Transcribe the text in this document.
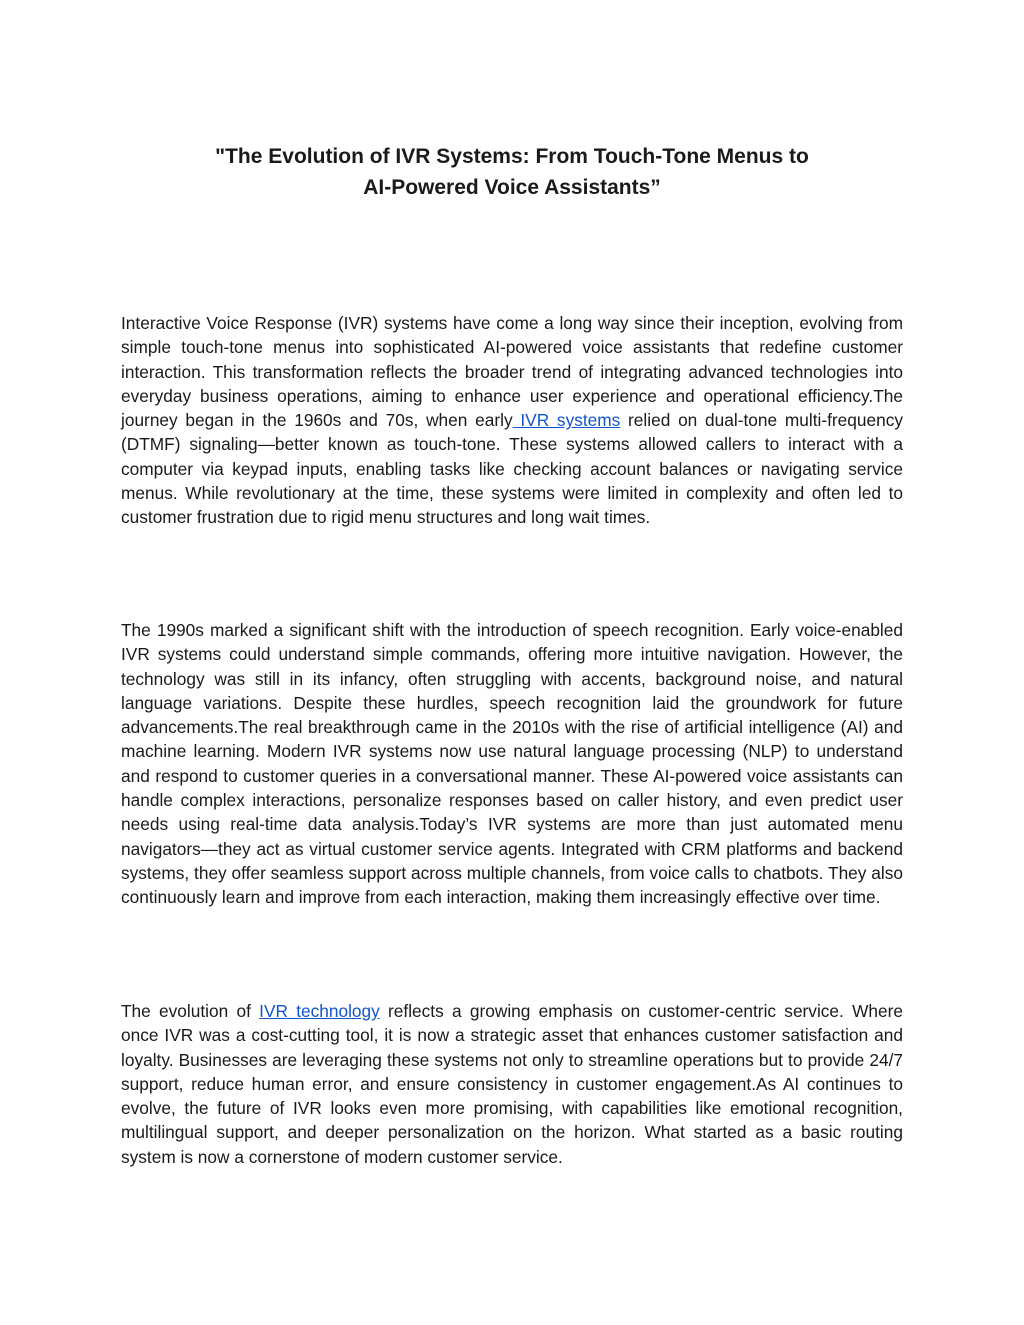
"The Evolution of IVR Systems: From Touch-Tone Menus to
AI-Powered Voice Assistants”

Interactive Voice Response (IVR) systems have come a long way since their inception, evolving from simple touch-tone menus into sophisticated AI-powered voice assistants that redefine customer interaction. This transformation reflects the broader trend of integrating advanced technologies into everyday business operations, aiming to enhance user experience and operational efficiency.The journey began in the 1960s and 70s, when early IVR systems relied on dual-tone multi-frequency (DTMF) signaling—better known as touch-tone. These systems allowed callers to interact with a computer via keypad inputs, enabling tasks like checking account balances or navigating service menus. While revolutionary at the time, these systems were limited in complexity and often led to customer frustration due to rigid menu structures and long wait times.

The 1990s marked a significant shift with the introduction of speech recognition. Early voice-enabled IVR systems could understand simple commands, offering more intuitive navigation. However, the technology was still in its infancy, often struggling with accents, background noise, and natural language variations. Despite these hurdles, speech recognition laid the groundwork for future advancements.The real breakthrough came in the 2010s with the rise of artificial intelligence (AI) and machine learning. Modern IVR systems now use natural language processing (NLP) to understand and respond to customer queries in a conversational manner. These AI-powered voice assistants can handle complex interactions, personalize responses based on caller history, and even predict user needs using real-time data analysis.Today’s IVR systems are more than just automated menu navigators—they act as virtual customer service agents. Integrated with CRM platforms and backend systems, they offer seamless support across multiple channels, from voice calls to chatbots. They also continuously learn and improve from each interaction, making them increasingly effective over time.

The evolution of IVR technology reflects a growing emphasis on customer-centric service. Where once IVR was a cost-cutting tool, it is now a strategic asset that enhances customer satisfaction and loyalty. Businesses are leveraging these systems not only to streamline operations but to provide 24/7 support, reduce human error, and ensure consistency in customer engagement.As AI continues to evolve, the future of IVR looks even more promising, with capabilities like emotional recognition, multilingual support, and deeper personalization on the horizon. What started as a basic routing system is now a cornerstone of modern customer service.
